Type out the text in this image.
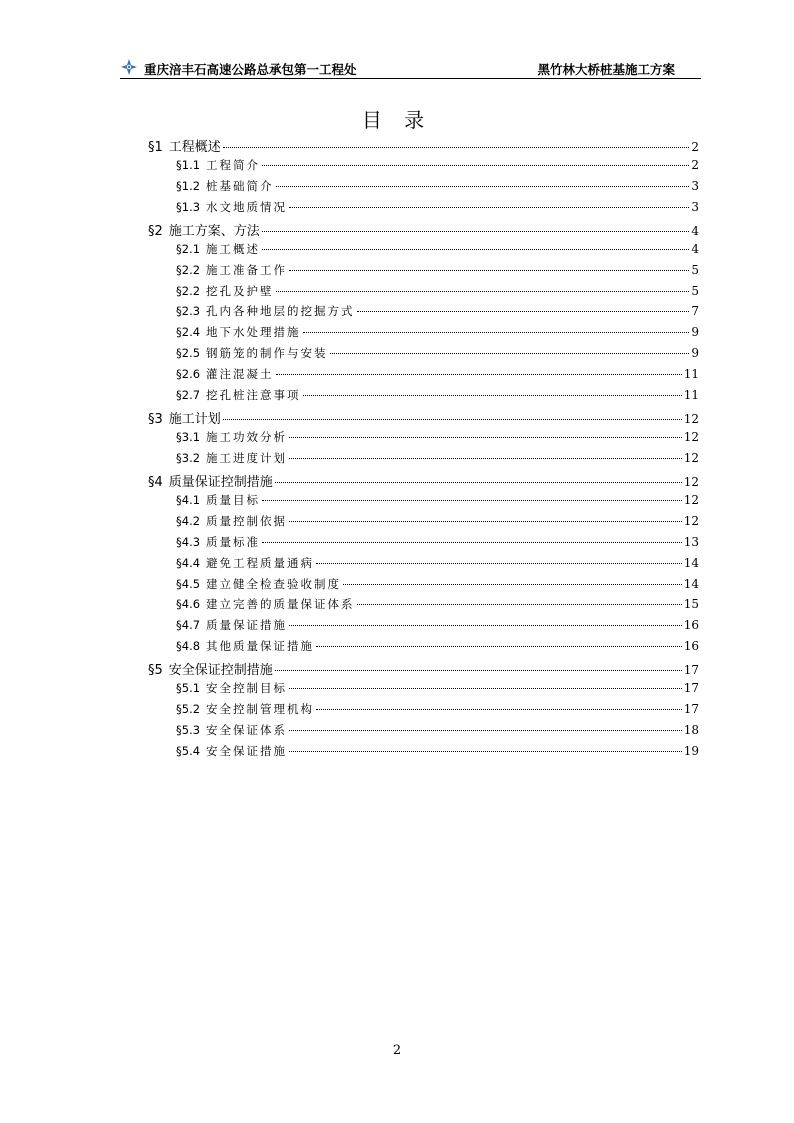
重庆涪丰石高速公路总承包第一工程处	黑竹林大桥桩基施工方案
目 录
§1 工程概述	2
§1.1 工程简介	2
§1.2 桩基础简介	3
§1.3 水文地质情况	3
§2 施工方案、方法	4
§2.1 施工概述	4
§2.2 施工准备工作	5
§2.2 挖孔及护壁	5
§2.3 孔内各种地层的挖掘方式	7
§2.4 地下水处理措施	9
§2.5 钢筋笼的制作与安装	9
§2.6 灌注混凝土	11
§2.7 挖孔桩注意事项	11
§3 施工计划	12
§3.1 施工功效分析	12
§3.2 施工进度计划	12
§4 质量保证控制措施	12
§4.1 质量目标	12
§4.2 质量控制依据	12
§4.3 质量标准	13
§4.4 避免工程质量通病	14
§4.5 建立健全检查验收制度	14
§4.6 建立完善的质量保证体系	15
§4.7 质量保证措施	16
§4.8 其他质量保证措施	16
§5 安全保证控制措施	17
§5.1 安全控制目标	17
§5.2 安全控制管理机构	17
§5.3 安全保证体系	18
§5.4 安全保证措施	19
2
